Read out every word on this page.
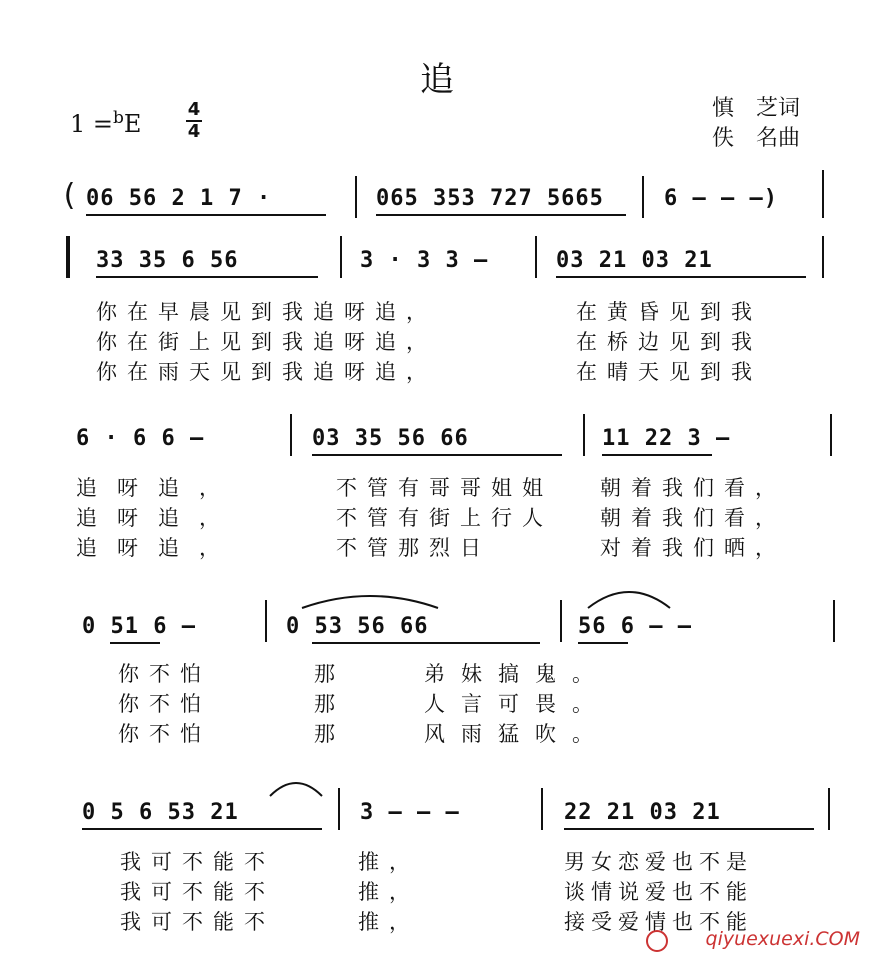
追
1 =$^b$E
4
4
慎　芝词
佚　名曲
( 06 56 2 1 7 ·	065 353 727 5665	6 — — —)
33 35 6 56	3 · 3 3 —	03 21 03 21
你在早晨见到我追呀追，	在黄昏见到我
你在街上见到我追呀追，	在桥边见到我
你在雨天见到我追呀追，	在晴天见到我
6 · 6 6 —	03 35 56 66	11 22 3 —
追呀追，	不管有哥哥姐姐 朝着我们看，
追呀追，	不管有街上行人 朝着我们看，
追呀追，	不管那烈日	对着我们晒，
0 51 6 —	0 53 56 66	56 6 — —
你不怕	那	弟妹搞鬼。
你不怕	那	人言可畏。
你不怕	那	风雨猛吹。
0 5 6 53 21	3 — — —	22 21 03 21
我可不能不	推，	男女恋爱也不是
我可不能不	推，	谈情说爱也不能
我可不能不	推，	接受爱情也不能
qiyuexuexi.COM
